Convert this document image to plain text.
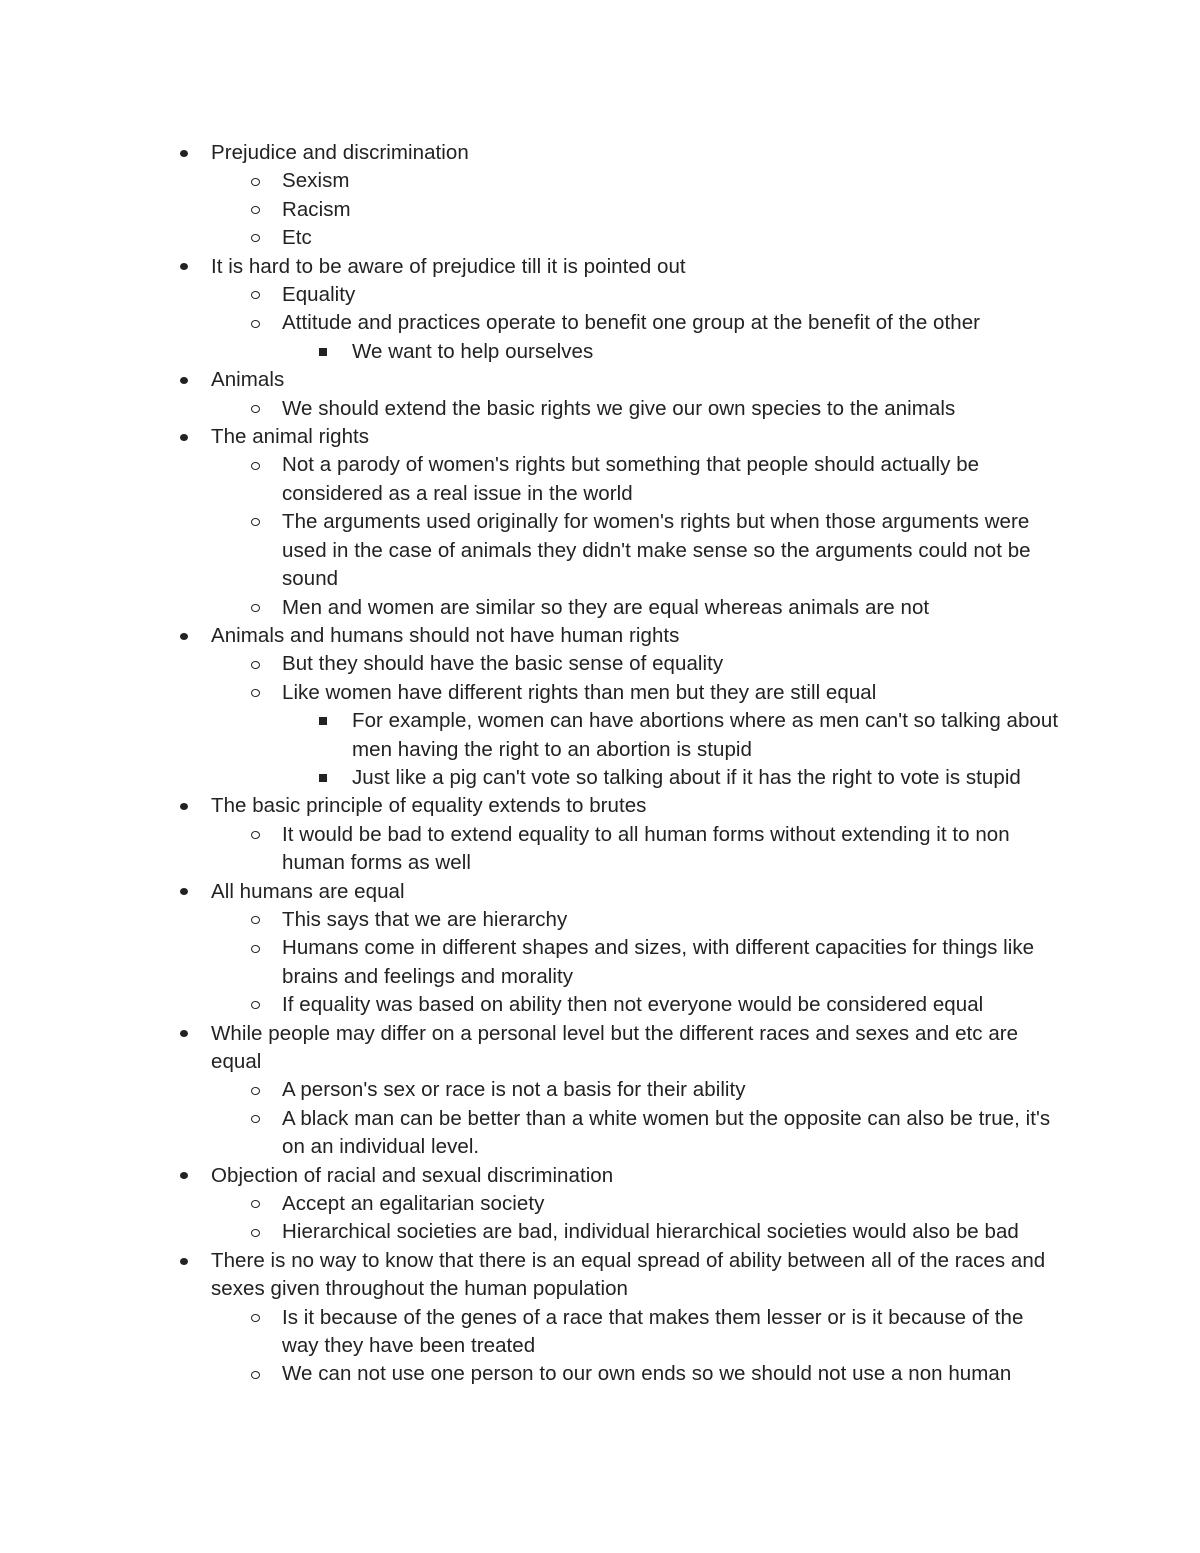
Prejudice and discrimination
Sexism
Racism
Etc
It is hard to be aware of prejudice till it is pointed out
Equality
Attitude and practices operate to benefit one group at the benefit of the other
We want to help ourselves
Animals
We should extend the basic rights we give our own species to the animals
The animal rights
Not a parody of women's rights but something that people should actually be considered as a real issue in the world
The arguments used originally for women's rights but when those arguments were used in the case of animals they didn't make sense so the arguments could not be sound
Men and women are similar so they are equal whereas animals are not
Animals and humans should not have human rights
But they should have the basic sense of equality
Like women have different rights than men but they are still equal
For example, women can have abortions where as men can't so talking about men having the right to an abortion is stupid
Just like a pig can't vote so talking about if it has the right to vote is stupid
The basic principle of equality extends to brutes
It would be bad to extend equality to all human forms without extending it to non human forms as well
All humans are equal
This says that we are hierarchy
Humans come in different shapes and sizes, with different capacities for things like brains and feelings and morality
If equality was based on ability then not everyone would be considered equal
While people may differ on a personal level but the different races and sexes and etc are equal
A person's sex or race is not a basis for their ability
A black man can be better than a white women but the opposite can also be true, it's on an individual level.
Objection of racial and sexual discrimination
Accept an egalitarian society
Hierarchical societies are bad, individual hierarchical societies would also be bad
There is no way to know that there is an equal spread of ability between all of the races and sexes given throughout the human population
Is it because of the genes of a race that makes them lesser or is it because of the way they have been treated
We can not use one person to our own ends so we should not use a non human
